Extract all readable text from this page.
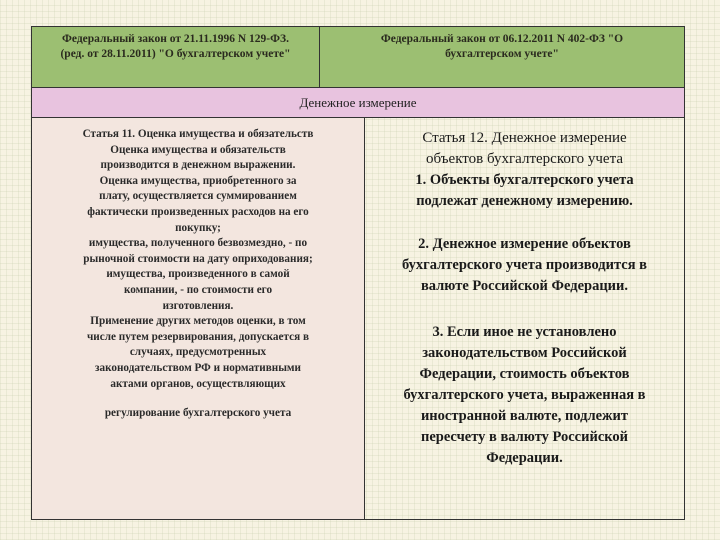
Федеральный закон от 21.11.1996 N 129-ФЗ.
(ред. от 28.11.2011) "О бухгалтерском учете"
Федеральный закон от 06.12.2011 N 402-ФЗ "О
бухгалтерском учете"
Денежное измерение

Статья 11. Оценка имущества и обязательств

Оценка имущества и обязательств

производится в денежном выражении.

Оценка имущества, приобретенного за

плату, осуществляется суммированием

фактически произведенных расходов на его

покупку;

имущества, полученного безвозмездно, - по

рыночной стоимости на дату оприходования;

имущества, произведенного в самой

компании, - по стоимости его

изготовления.

Применение других методов оценки, в том

числе путем резервирования, допускается в

случаях, предусмотренных

законодательством РФ и нормативными

актами органов, осуществляющих

регулирование бухгалтерского учета

Статья 12. Денежное измерение
объектов бухгалтерского учета
1. Объекты бухгалтерского учета
подлежат денежному измерению.
2. Денежное измерение объектов
бухгалтерского учета производится в
валюте Российской Федерации.
3. Если иное не установлено
законодательством Российской
Федерации, стоимость объектов
бухгалтерского учета, выраженная в
иностранной валюте, подлежит
пересчету в валюту Российской
Федерации.
